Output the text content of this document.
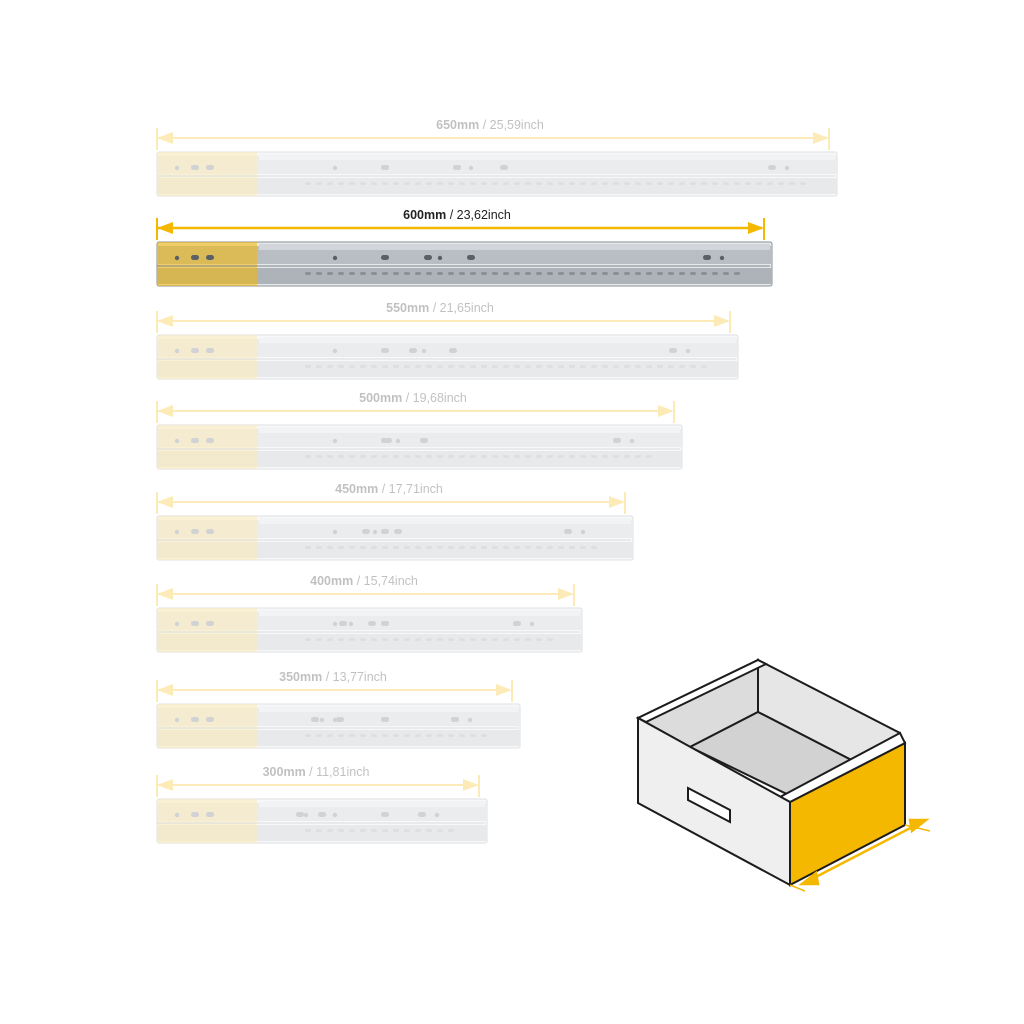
650mm / 25,59inch
600mm / 23,62inch
550mm / 21,65inch
500mm / 19,68inch
450mm / 17,71inch
400mm / 15,74inch
350mm / 13,77inch
300mm / 11,81inch
